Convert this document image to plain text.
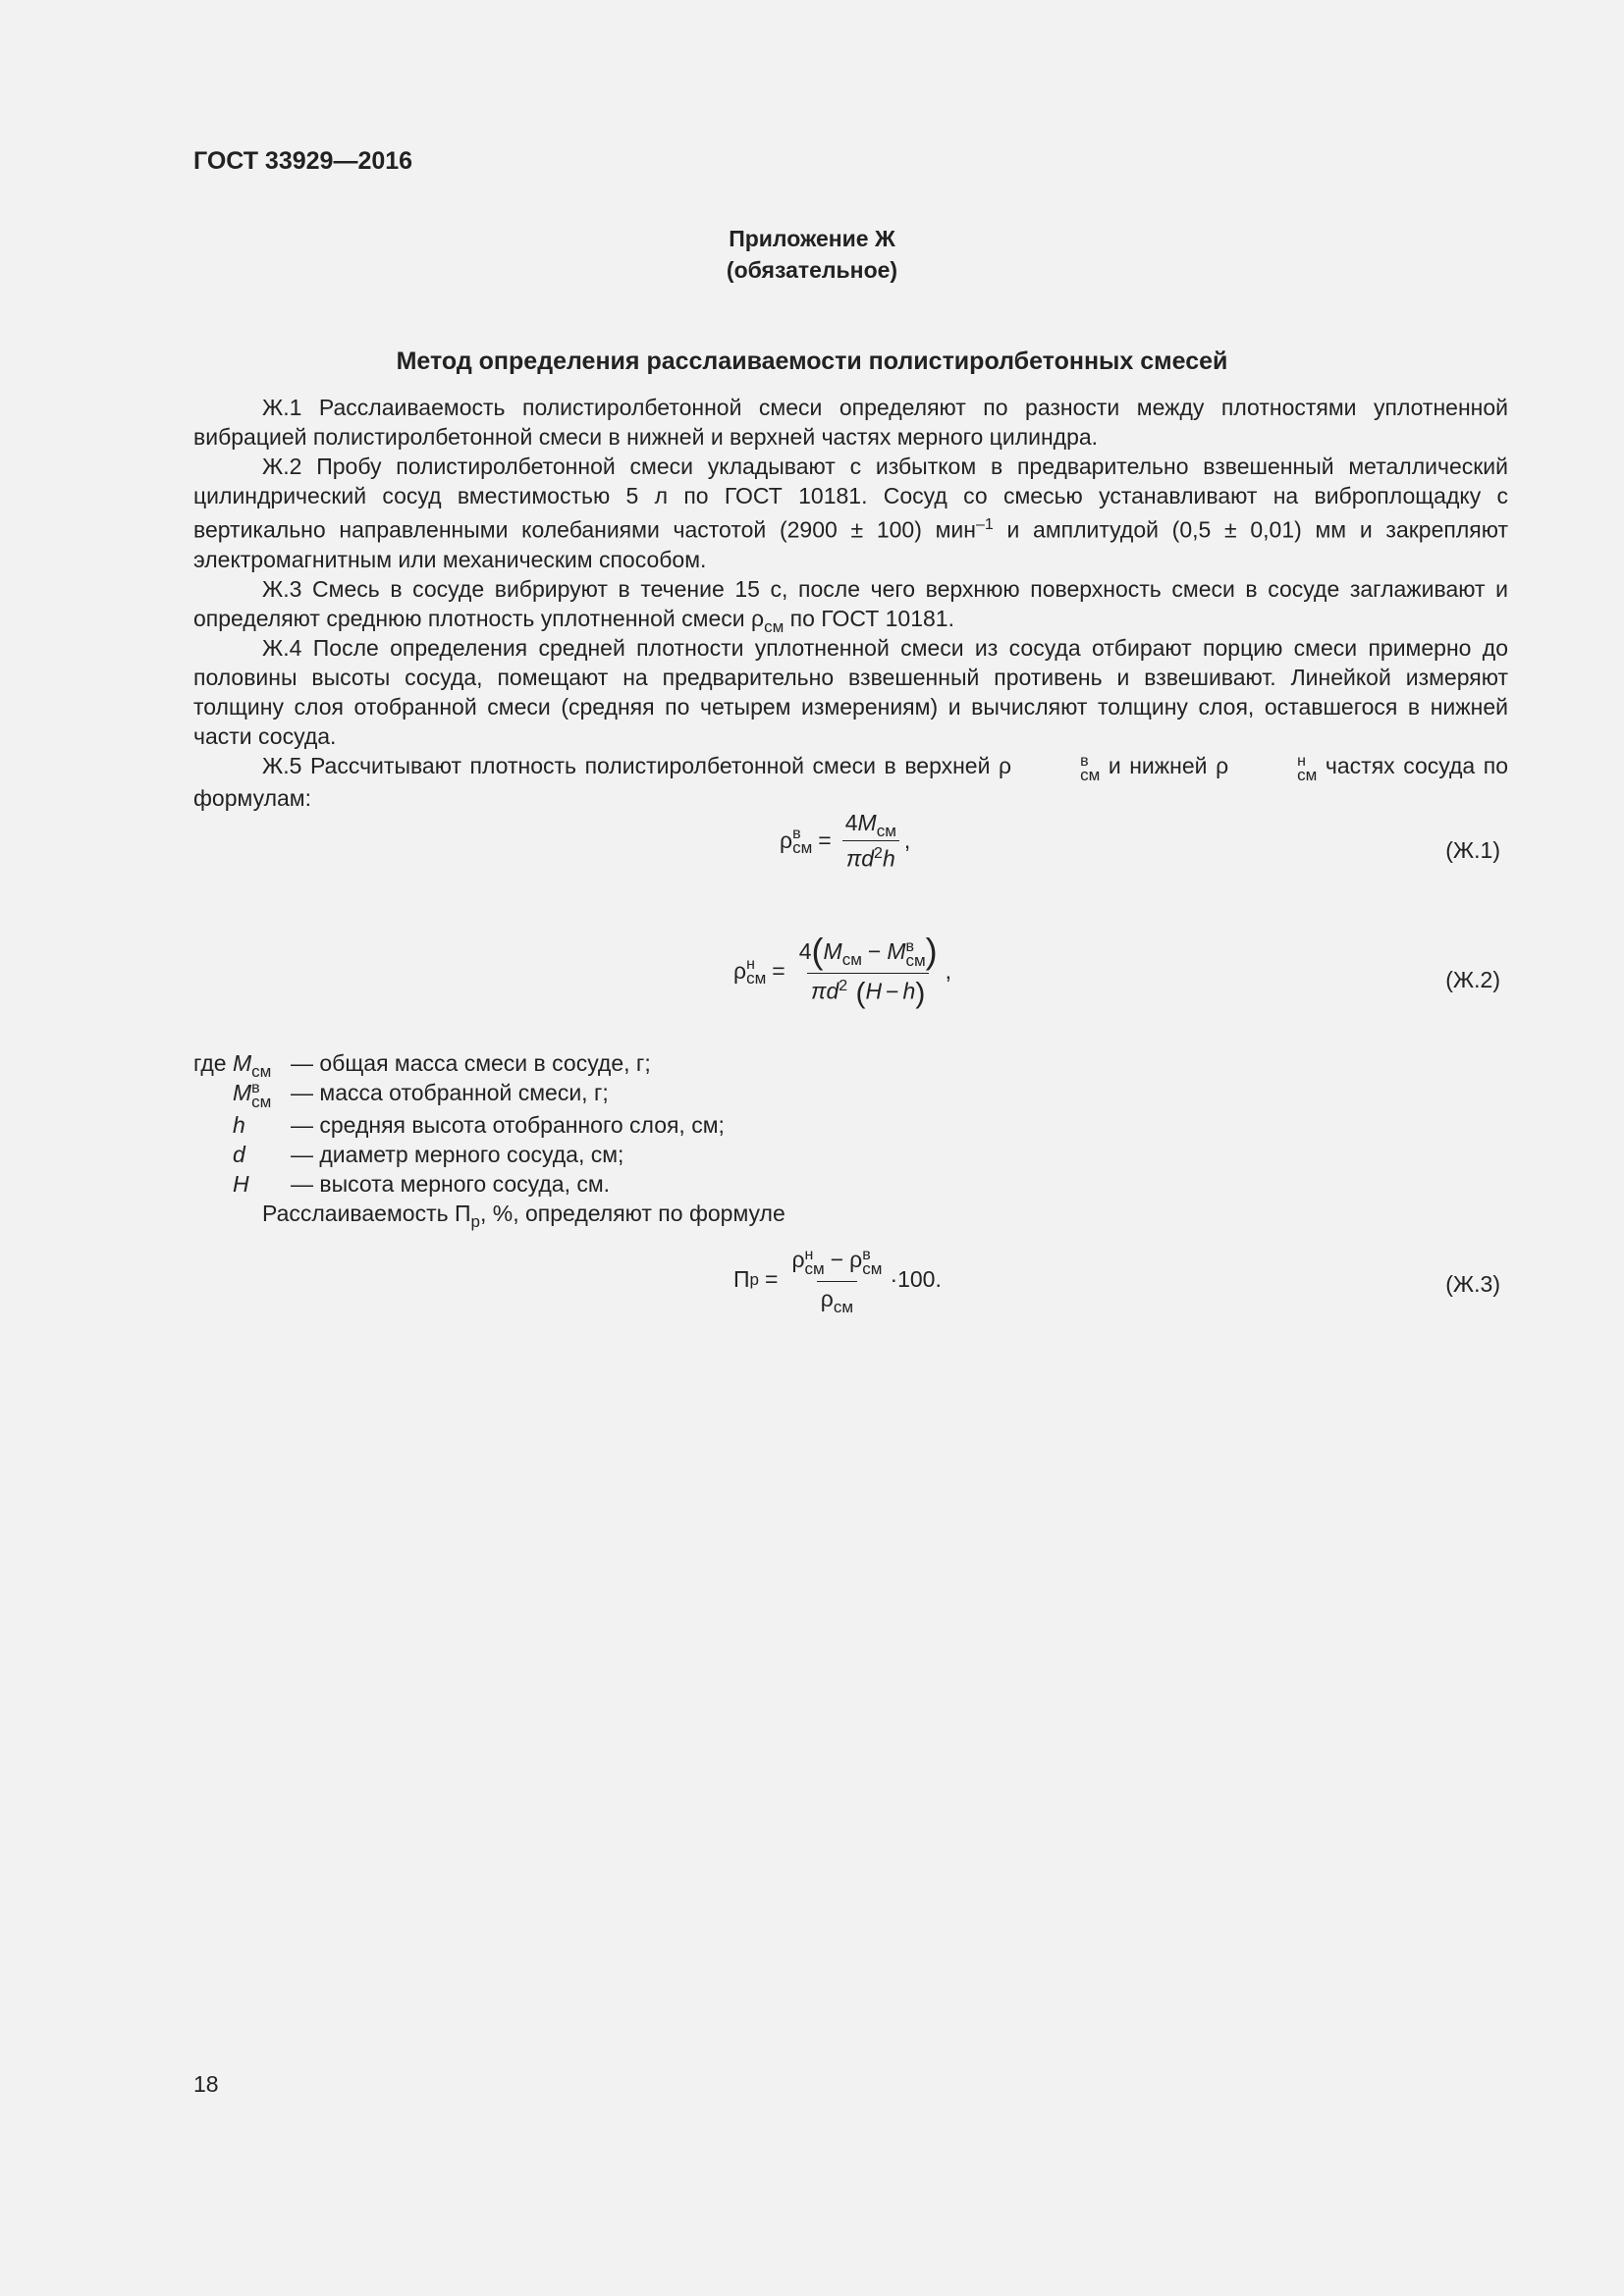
ГОСТ 33929—2016
Приложение Ж
(обязательное)
Метод определения расслаиваемости полистиролбетонных смесей

Ж.1 Расслаиваемость полистиролбетонной смеси определяют по разности между плотностями уплотненной вибрацией полистиролбетонной смеси в нижней и верхней частях мерного цилиндра.

Ж.2 Пробу полистиролбетонной смеси укладывают с избытком в предварительно взвешенный металлический цилиндрический сосуд вместимостью 5 л по ГОСТ 10181. Сосуд со смесью устанавливают на виброплощадку с вертикально направленными колебаниями частотой (2900 ± 100) мин$^{-1}$ и амплитудой (0,5 ± 0,01) мм и закрепляют электромагнитным или механическим способом.

Ж.3 Смесь в сосуде вибрируют в течение 15 с, после чего верхнюю поверхность смеси в сосуде заглаживают и определяют среднюю плотность уплотненной смеси $\rho_{см}$ по ГОСТ 10181.

Ж.4 После определения средней плотности уплотненной смеси из сосуда отбирают порцию смеси примерно до половины высоты сосуда, помещают на предварительно взвешенный противень и взвешивают. Линейкой измеряют толщину слоя отобранной смеси (средняя по четырем измерениям) и вычисляют толщину слоя, оставшегося в нижней части сосуда.

Ж.5 Рассчитывают плотность полистиролбетонной смеси в верхней ρ	в
см и нижней ρ	н
см частях сосуда по формулам:

ρ в
см = $\frac{4M_{см}}{\pi d^2h}$ ,	(Ж.1)
ρ н
см = $4(M_{см} - M$ в
см )
$\pi d^2$ (H − h) ,	(Ж.2)
где $M_{см}$ — общая масса смеси в сосуде, г;
M в
см — масса отобранной смеси, г;
h	— средняя высота отобранного слоя, см;
d	— диаметр мерного сосуда, см;
H	— высота мерного сосуда, см.
Расслаиваемость $П_р$, %, определяют по формуле
П р = ρ н
см − ρ в
см
$\rho_{см} \cdot 100$.	(Ж.3)
18
